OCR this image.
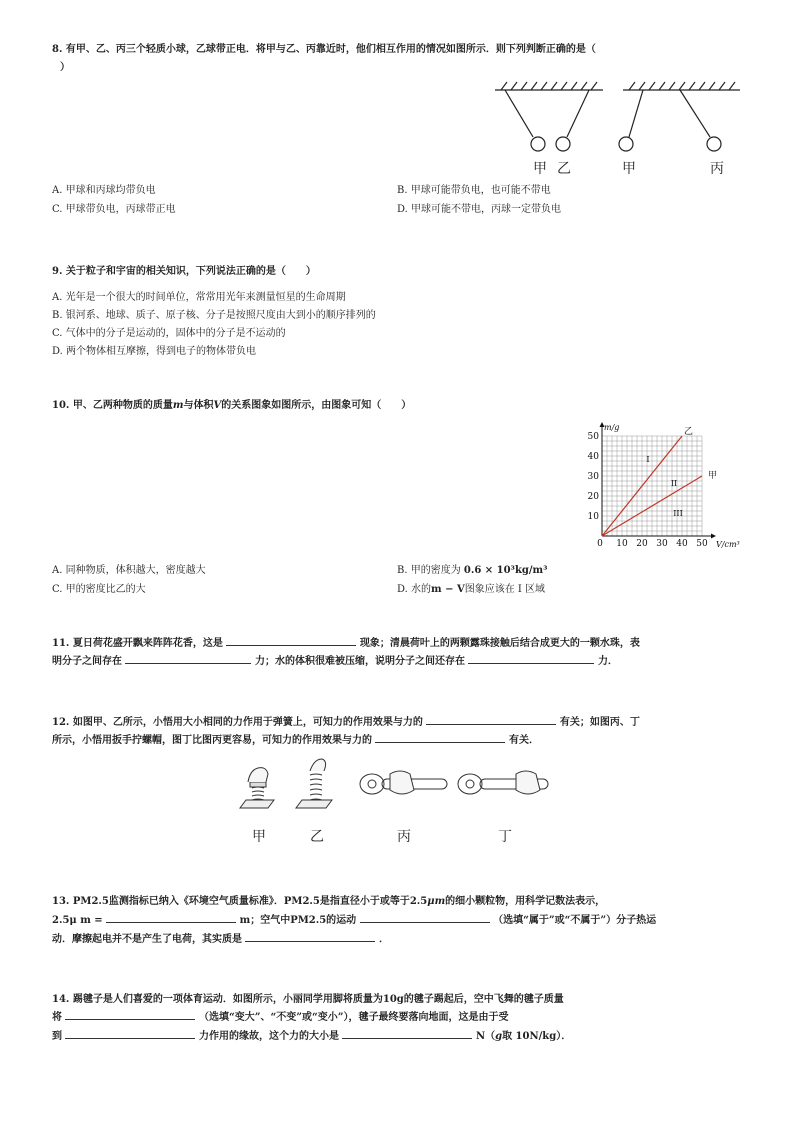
8. 有甲、乙、丙三个轻质小球，乙球带正电．将甲与乙、丙靠近时，他们相互作用的情况如图所示．则下列判断正确的是（
）
甲 乙	甲	丙
A. 甲球和丙球均带负电	B. 甲球可能带负电，也可能不带电
C. 甲球带负电，丙球带正电	D. 甲球可能不带电，丙球一定带负电
9. 关于粒子和宇宙的相关知识，下列说法正确的是（　　）
A. 光年是一个很大的时间单位，常常用光年来测量恒星的生命周期
B. 银河系、地球、质子、原子核、分子是按照尺度由大到小的顺序排列的
C. 气体中的分子是运动的，固体中的分子是不运动的
D. 两个物体相互摩擦，得到电子的物体带负电
10. 甲、乙两种物质的质量m与体积V的关系图象如图所示，由图象可知（　　）
0 10 20 30 40 50
10
20
30
40
50
m/g
V/cm³
乙
甲
I
II
III
A. 同种物质，体积越大，密度越大	B. 甲的密度为 0.6 × 10³kg/m³
C. 甲的密度比乙的大	D. 水的m − V图象应该在 I 区域
11. 夏日荷花盛开飘来阵阵花香，这是	现象；清晨荷叶上的两颗露珠接触后结合成更大的一颗水珠，表
明分子之间存在	力；水的体积很难被压缩，说明分子之间还存在	力．
12. 如图甲、乙所示，小悟用大小相同的力作用于弹簧上，可知力的作用效果与力的	有关；如图丙、丁
所示，小悟用扳手拧螺帽，图丁比图丙更容易，可知力的作用效果与力的	有关．
甲	乙	丙	丁
13. PM2.5监测指标已纳入《环境空气质量标准》．PM2.5是指直径小于或等于2.5μm的细小颗粒物，用科学记数法表示，
2.5μ m =	m；空气中PM2.5的运动	（选填“属于”或“不属于”）分子热运
动．摩擦起电并不是产生了电荷，其实质是	．
14. 踢毽子是人们喜爱的一项体育运动．如图所示，小丽同学用脚将质量为10g的毽子踢起后，空中飞舞的毽子质量
将	（选填“变大”、“不变”或“变小”），毽子最终要落向地面，这是由于受
到	力作用的缘故，这个力的大小是	N（g取 10N/kg）．
